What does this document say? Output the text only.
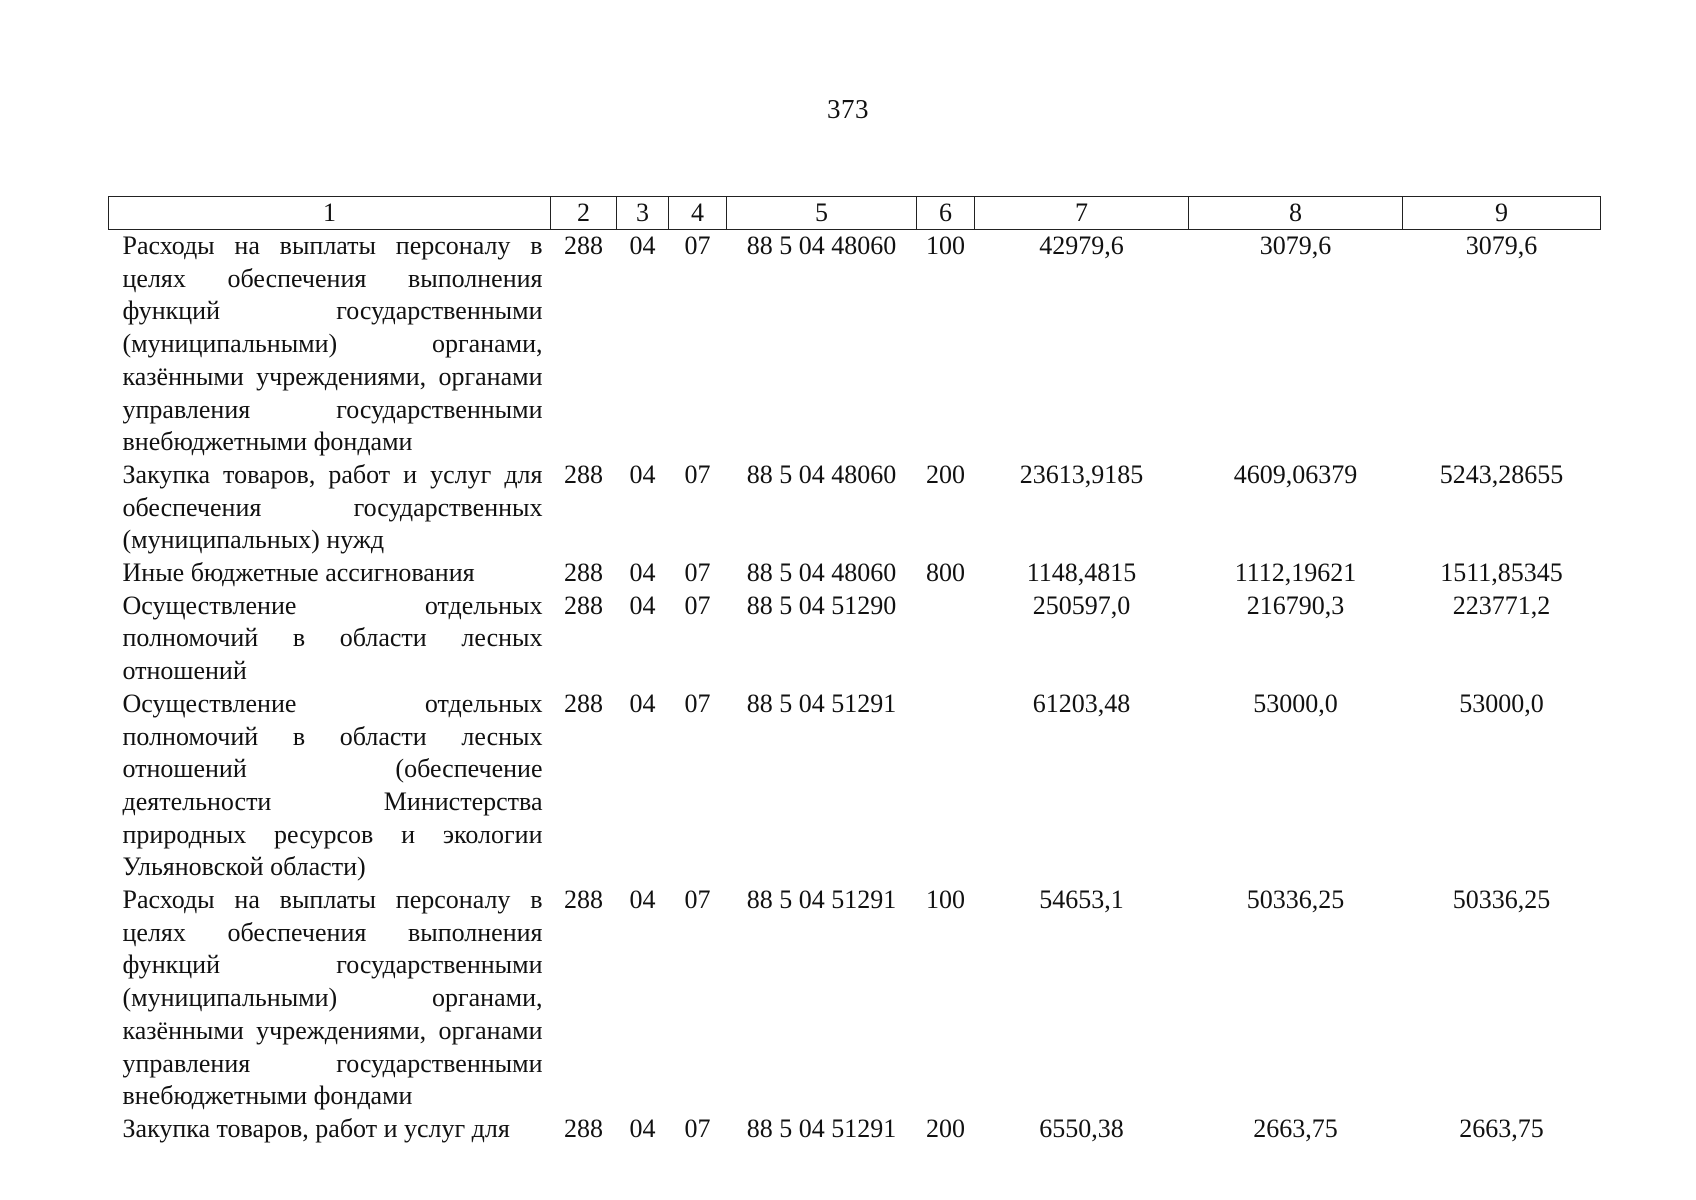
373
1	2	3	4	5	6	7	8	9
Расходы на выплаты персоналу в целях обеспечения выполнения функций государственными (муниципальными) органами, казёнными учреждениями, органами управления государственными внебюджетными фондами	288	04	07	88 5 04 48060	100	42979,6	3079,6	3079,6
Закупка товаров, работ и услуг для обеспечения государственных (муниципальных) нужд	288	04	07	88 5 04 48060	200	23613,9185	4609,06379	5243,28655
Иные бюджетные ассигнования	288	04	07	88 5 04 48060	800	1148,4815	1112,19621	1511,85345
Осуществление отдельных полномочий в области лесных отношений	288	04	07	88 5 04 51290		250597,0	216790,3	223771,2
Осуществление отдельных полномочий в области лесных отношений (обеспечение деятельности Министерства природных ресурсов и экологии Ульяновской области)	288	04	07	88 5 04 51291		61203,48	53000,0	53000,0
Расходы на выплаты персоналу в целях обеспечения выполнения функций государственными (муниципальными) органами, казёнными учреждениями, органами управления государственными внебюджетными фондами	288	04	07	88 5 04 51291	100	54653,1	50336,25	50336,25
Закупка товаров, работ и услуг для	288	04	07	88 5 04 51291	200	6550,38	2663,75	2663,75
